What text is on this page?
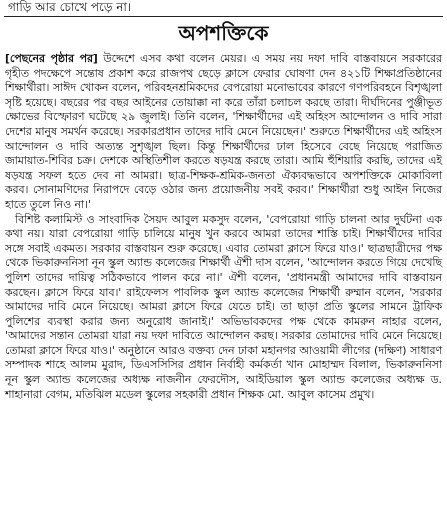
গাড়ি আর চোখে পড়ে না।
অপশক্তিকে

[পেছনের পৃষ্ঠার পর] উদ্দেশে এসব কথা বলেন মেয়র। এ সময় নয় দফা দাবি বাস্তবায়নে সরকারের গৃহীত পদক্ষেপে সন্তোষ প্রকাশ করে রাজপথ ছেড়ে ক্লাসে ফেরার ঘোষণা দেন ৪২১টি শিক্ষাপ্রতিষ্ঠানের শিক্ষার্থীরা। সাঈদ খোকন বলেন, পরিবহনশ্রমিকদের বেপরোয়া মনোভাবের কারণে গণপরিবহনে বিশৃঙ্খলা সৃষ্টি হয়েছে। বছরের পর বছর আইনের তোয়াক্কা না করে তাঁরা চলাচল করছে তারা। দীর্ঘদিনের পুঞ্জীভূত ক্ষোভের বিস্ফোরণ ঘটেছে ২৯ জুলাই। তিনি বলেন, 'শিক্ষার্থীদের এই অহিংস আন্দোলন ও দাবি সারা দেশের মানুষ সমর্থন করেছে। সরকারপ্রধান তাদের দাবি মেনে নিয়েছেন।' শুরুতে শিক্ষার্থীদের এই অহিংস আন্দোলন ও দাবি অত্যন্ত সুশৃঙ্খল ছিল। কিন্তু শিক্ষার্থীদের ঢাল হিসেবে বেছে নিয়েছে পরাজিত জামায়াত-শিবির চক্র। দেশকে অস্থিতিশীল করতে ষড়যন্ত্র করছে তারা। আমি হুঁশিয়ারি করছি, তাদের এই ষড়যন্ত্র সফল হতে দেব না আমরা। ছাত্র-শিক্ষক-শ্রমিক-জনতা ঐক্যবদ্ধভাবে অপশক্তিকে মোকাবিলা করব। সোনামণিদের নিরাপদে বেড়ে ওঠার জন্য প্রয়োজনীয় সবই করব।' শিক্ষার্থীরা শুধু আইন নিজের হাতে তুলে নিও না।'

বিশিষ্ট কলামিস্ট ও সাংবাদিক সৈয়দ আবুল মকসুদ বলেন, 'বেপরোয়া গাড়ি চালনা আর দুর্ঘটনা এক কথা নয়। যারা বেপরোয়া গাড়ি চালিয়ে মানুষ খুন করবে আমরা তাদের শাস্তি চাই। শিক্ষার্থীদের দাবির সঙ্গে সবাই একমত। সরকার বাস্তবায়ন শুরু করেছে। এবার তোমরা ক্লাসে ফিরে যাও।' ছাত্রছাত্রীদের পক্ষ থেকে ভিকারুননিসা নূন স্কুল অ্যান্ড কলেজের শিক্ষার্থী ঐশী দাস বলেন, 'আন্দোলন করতে গিয়ে দেখেছি পুলিশ তাদের দায়িত্ব সঠিকভাবে পালন করে না।' ঐশী বলেন, 'প্রধানমন্ত্রী আমাদের দাবি বাস্তবায়ন করছেন। ক্লাসে ফিরে যাব।' রাইফেলস পাবলিক স্কুল অ্যান্ড কলেজের শিক্ষার্থী রুম্মান বলেন, 'সরকার আমাদের দাবি মেনে নিয়েছে। আমরা ক্লাসে ফিরে যেতে চাই। তা ছাড়া প্রতি স্কুলের সামনে ট্রাফিক পুলিশের ব্যবস্থা করার জন্য অনুরোধ জানাই।' অভিভাবকদের পক্ষ থেকে কামরুন নাহার বলেন, 'আমাদের সন্তান তোমরা যারা নয় দফা দাবিতে আন্দোলন করছ। সরকার তোমাদের দাবি মেনে নিয়েছে। তোমরা ক্লাসে ফিরে যাও।' অনুষ্ঠানে আরও বক্তব্য দেন ঢাকা মহানগর আওয়ামী লীগের (দক্ষিণ) সাধারণ সম্পাদক শাহে আলম মুরাদ, ডিএসসিসির প্রধান নির্বাহী কর্মকর্তা খান মোহাম্মদ বিলাল, ভিকারুননিসা নূন স্কুল অ্যান্ড কলেজের অধ্যক্ষ নাজনীন ফেরদৌস, আইডিয়াল স্কুল অ্যান্ড কলেজের অধ্যক্ষ ড. শাহানারা বেগম, মতিঝিল মডেল স্কুলের সহকারী প্রধান শিক্ষক মো. আবুল কাসেম প্রমুখ।
